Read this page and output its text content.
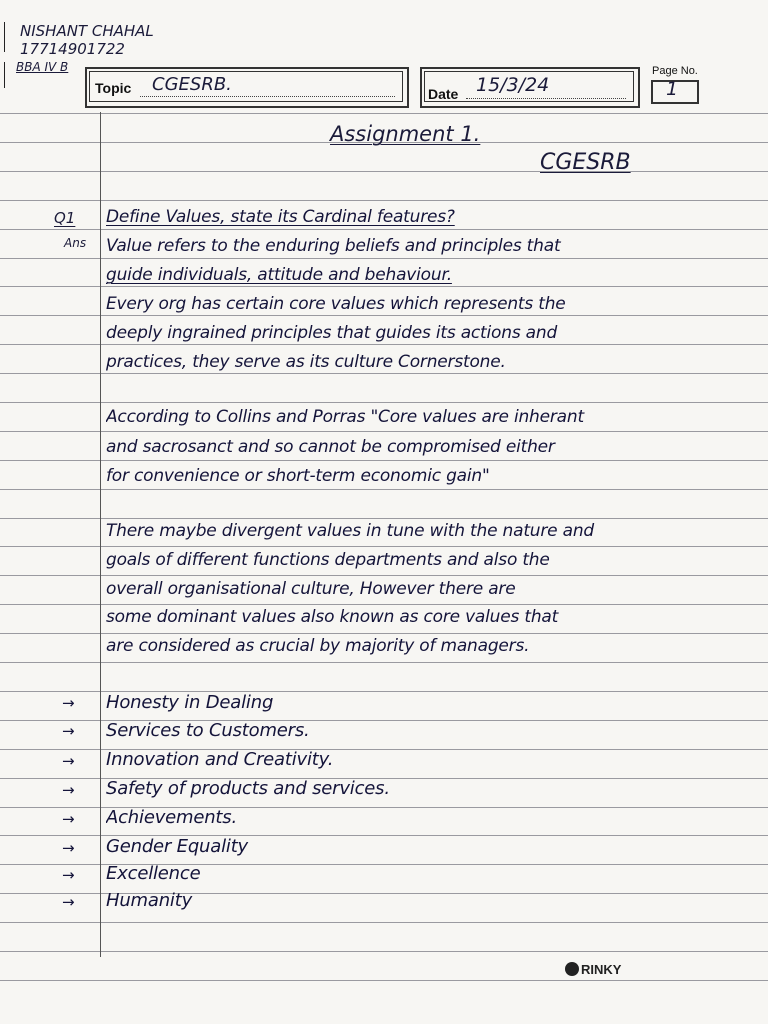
NISHANT CHAHAL
17714901722
BBA IV B
Topic CGESRB.	Date 15/3/24
Page No.
1
Assignment 1.
CGESRB
Q1
Ans
Define Values, state its Cardinal features?
Value refers to the enduring beliefs and principles that
guide individuals, attitude and behaviour.
Every org has certain core values which represents the
deeply ingrained principles that guides its actions and
practices, they serve as its culture Cornerstone.
According to Collins and Porras "Core values are inherant
and sacrosanct and so cannot be compromised either
for convenience or short-term economic gain"
There maybe divergent values in tune with the nature and
goals of different functions departments and also the
overall organisational culture, However there are
some dominant values also known as core values that
are considered as crucial by majority of managers.
→ Honesty in Dealing
→ Services to Customers.
→ Innovation and Creativity.
→ Safety of products and services.
→ Achievements.
→ Gender Equality
→ Excellence
→ Humanity
RINKY
